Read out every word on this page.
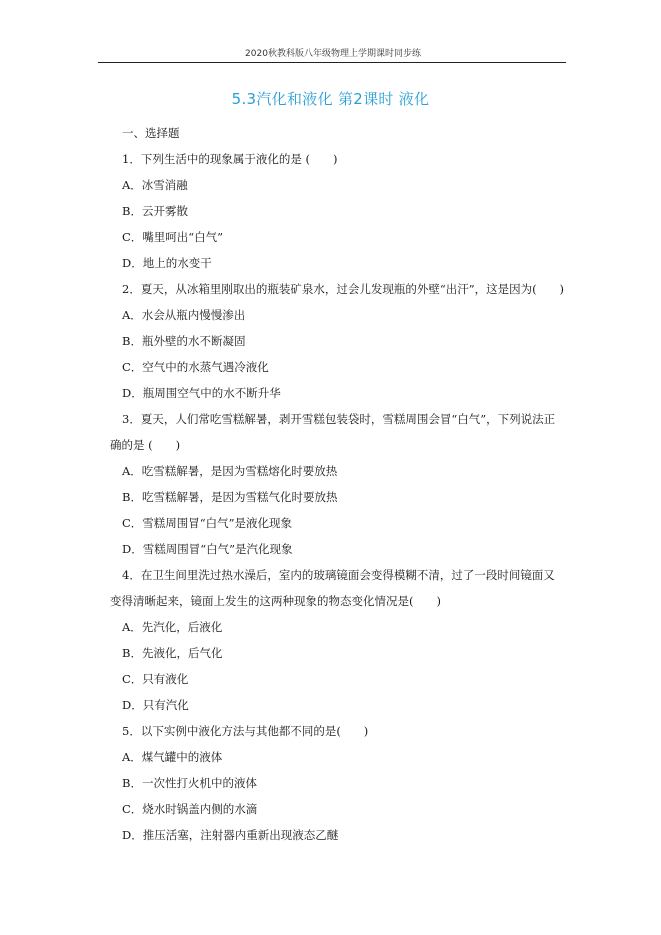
2020秋教科版八年级物理上学期课时同步练
5.3汽化和液化 第2课时 液化
一、选择题
1．下列生活中的现象属于液化的是 (　　)
A．冰雪消融
B．云开雾散
C．嘴里呵出“白气”
D．地上的水变干
2．夏天，从冰箱里刚取出的瓶装矿泉水，过会儿发现瓶的外壁“出汗”，这是因为(　　)
A．水会从瓶内慢慢渗出
B．瓶外壁的水不断凝固
C．空气中的水蒸气遇冷液化
D．瓶周围空气中的水不断升华
3．夏天，人们常吃雪糕解暑，剥开雪糕包装袋时，雪糕周围会冒“白气”，下列说法正
确的是 (　　)
A．吃雪糕解暑，是因为雪糕熔化时要放热
B．吃雪糕解暑，是因为雪糕气化时要放热
C．雪糕周围冒“白气”是液化现象
D．雪糕周围冒“白气”是汽化现象
4．在卫生间里洗过热水澡后，室内的玻璃镜面会变得模糊不清，过了一段时间镜面又
变得清晰起来，镜面上发生的这两种现象的物态变化情况是(　　)
A．先汽化，后液化
B．先液化，后气化
C．只有液化
D．只有汽化
5．以下实例中液化方法与其他都不同的是(　　)
A．煤气罐中的液体
B．一次性打火机中的液体
C．烧水时锅盖内侧的水滴
D．推压活塞，注射器内重新出现液态乙醚
